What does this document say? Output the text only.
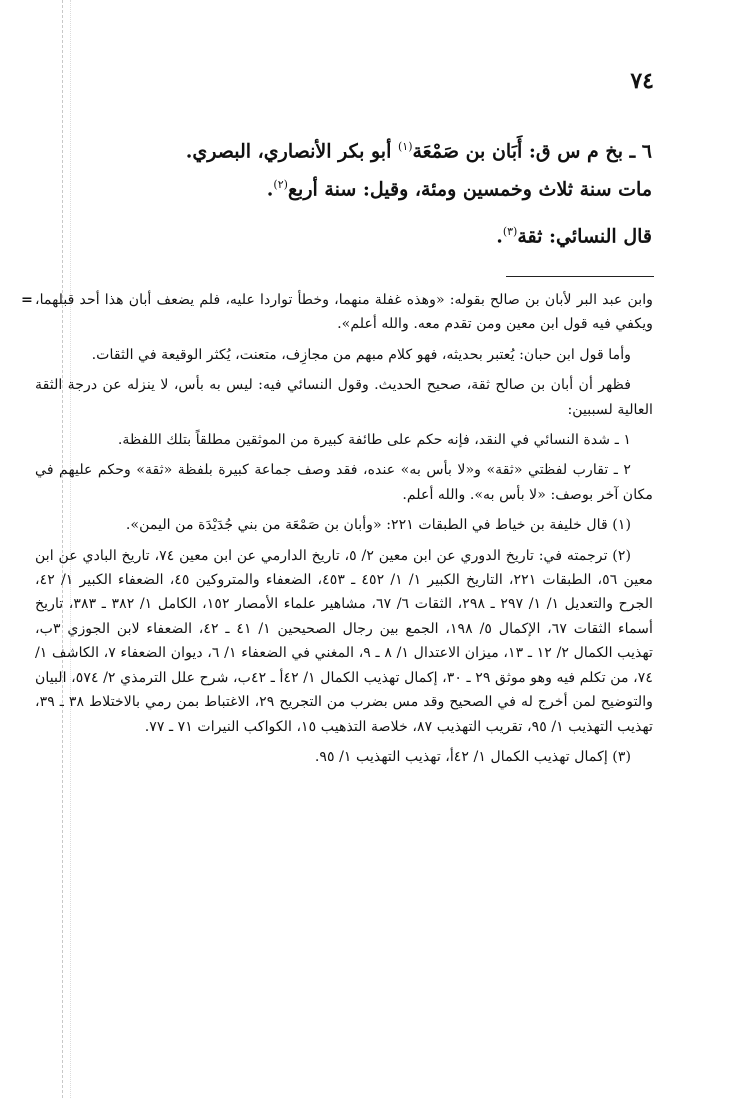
٧٤
٦ ـ بخ م س ق: أَبَان بن صَمْعَة$^{(١)}$ أبو بكر الأنصاري، البصري.
مات سنة ثلاث وخمسين ومئة، وقيل: سنة أربع$^{(٢)}$.
قال النسائي: ثقة$^{(٣)}$.

= وابن عبد البر لأبان بن صالح بقوله: «وهذه غفلة منهما، وخطأ تواردا عليه، فلم يضعف أبان هذا أحد قبلهما، ويكفي فيه قول ابن معين ومن تقدم معه. والله أعلم».

وأما قول ابن حبان: يُعتبر بحديثه، فهو كلام مبهم من مجازِف، متعنت، يُكثر الوقيعة في الثقات.

فظهر أن أبان بن صالح ثقة، صحيح الحديث. وقول النسائي فيه: ليس به بأس، لا ينزله عن درجة الثقة العالية لسببين:

١ ـ شدة النسائي في النقد، فإنه حكم على طائفة كبيرة من الموثقين مطلقاً بتلك اللفظة.

٢ ـ تقارب لفظتي «ثقة» و«لا بأس به» عنده، فقد وصف جماعة كبيرة بلفظة «ثقة» وحكم عليهم في مكان آخر بوصف: «لا بأس به». والله أعلم.

(١) قال خليفة بن خياط في الطبقات ٢٢١: «وأبان بن صَمْعَة من بني جُدَيْدَة من اليمن».

(٢) ترجمته في: تاريخ الدوري عن ابن معين ٢/ ٥، تاريخ الدارمي عن ابن معين ٧٤، تاريخ البادي عن ابن معين ٥٦، الطبقات ٢٢١، التاريخ الكبير ١/ ١/ ٤٥٢ ـ ٤٥٣، الضعفاء والمتروكين ٤٥، الضعفاء الكبير ١/ ٤٢، الجرح والتعديل ١/ ١/ ٢٩٧ ـ ٢٩٨، الثقات ٦/ ٦٧، مشاهير علماء الأمصار ١٥٢، الكامل ١/ ٣٨٢ ـ ٣٨٣، تاريخ أسماء الثقات ٦٧، الإكمال ٥/ ١٩٨، الجمع بين رجال الصحيحين ١/ ٤١ ـ ٤٢، الضعفاء لابن الجوزي ٣ب، تهذيب الكمال ٢/ ١٢ ـ ١٣، ميزان الاعتدال ١/ ٨ ـ ٩، المغني في الضعفاء ١/ ٦، ديوان الضعفاء ٧، الكاشف ١/ ٧٤، من تكلم فيه وهو موثق ٢٩ ـ ٣٠، إكمال تهذيب الكمال ١/ ٤٢أ ـ ٤٢ب، شرح علل الترمذي ٢/ ٥٧٤، البيان والتوضيح لمن أخرج له في الصحيح وقد مس بضرب من التجريح ٢٩، الاغتباط بمن رمي بالاختلاط ٣٨ ـ ٣٩، تهذيب التهذيب ١/ ٩٥، تقريب التهذيب ٨٧، خلاصة التذهيب ١٥، الكواكب النيرات ٧١ ـ ٧٧.

(٣) إكمال تهذيب الكمال ١/ ٤٢أ، تهذيب التهذيب ١/ ٩٥.
